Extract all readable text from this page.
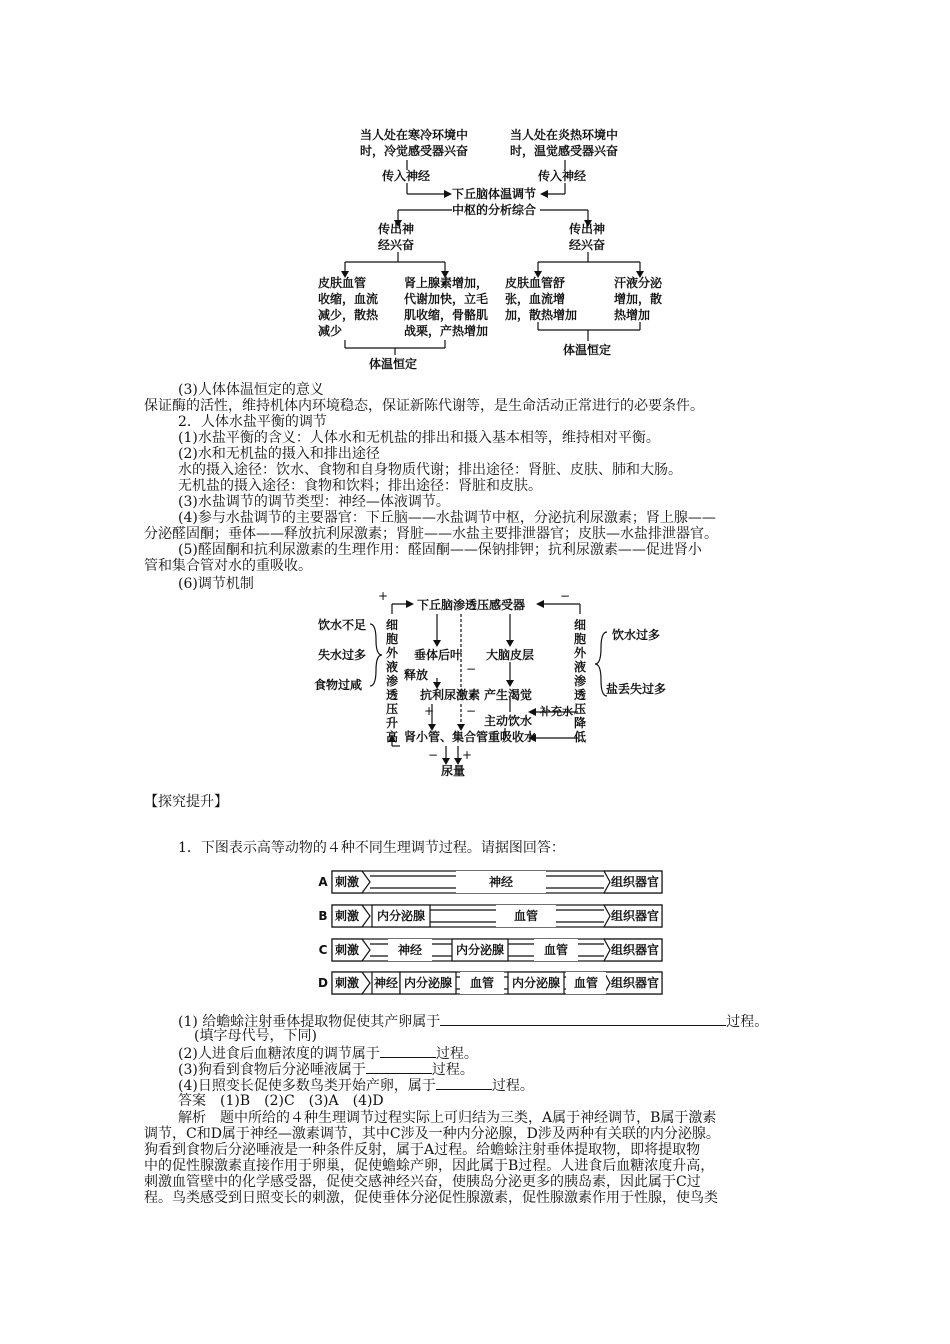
当人处在寒冷环境中
时，冷觉感受器兴奋
当人处在炎热环境中
时，温觉感受器兴奋
传入神经	传入神经
下丘脑体温调节
中枢的分析综合
传出神
经兴奋
传出神
经兴奋
皮肤血管
收缩，血流
减少，散热
减少
肾上腺素增加，
代谢加快，立毛
肌收缩，骨骼肌
战栗，产热增加
皮肤血管舒
张，血流增
加，散热增加
汗液分泌
增加，散
热增加
体温恒定
体温恒定
(3)人体体温恒定的意义
保证酶的活性，维持机体内环境稳态，保证新陈代谢等，是生命活动正常进行的必要条件。
2．人体水盐平衡的调节
(1)水盐平衡的含义：人体水和无机盐的排出和摄入基本相等，维持相对平衡。
(2)水和无机盐的摄入和排出途径
水的摄入途径：饮水、食物和自身物质代谢；排出途径：肾脏、皮肤、肺和大肠。
无机盐的摄入途径：食物和饮料；排出途径：肾脏和皮肤。
(3)水盐调节的调节类型：神经—体液调节。
(4)参与水盐调节的主要器官：下丘脑——水盐调节中枢，分泌抗利尿激素；肾上腺——
分泌醛固酮；垂体——释放抗利尿激素；肾脏——水盐主要排泄器官；皮肤—水盐排泄器官。
(5)醛固酮和抗利尿激素的生理作用：醛固酮——保钠排钾；抗利尿激素——促进肾小
管和集合管对水的重吸收。
(6)调节机制
下丘脑渗透压感受器
+	−
饮水不足
失水过多
食物过咸
细胞外液渗透压升高
细胞外液渗透压降低
饮水过多
盐丢失过多
垂体后叶
释放
大脑皮层
抗利尿激素 产生渴觉
主动饮水
补充水
肾小管、集合管重吸收水
尿量
−
+	−
− +
【探究提升】
1．下图表示高等动物的４种不同生理调节过程。请据图回答：
A 刺激	神经	组织器官
B 刺激	内分泌腺	血管	组织器官
C 刺激	神经	内分泌腺	血管	组织器官
D 刺激 神经 内分泌腺	血管	内分泌腺	血管	组织器官
(1) 给蟾蜍注射垂体提取物促使其产卵属于	过程。
(填字母代号，下同)
(2)人进食后血糖浓度的调节属于	过程。
(3)狗看到食物后分泌唾液属于	过程。
(4)日照变长促使多数鸟类开始产卵，属于	过程。
答案　(1)B　(2)C　(3)A　(4)D
解析　题中所给的４种生理调节过程实际上可归结为三类，A属于神经调节，B属于激素
调节，C和D属于神经—激素调节，其中C涉及一种内分泌腺，D涉及两种有关联的内分泌腺。
狗看到食物后分泌唾液是一种条件反射，属于A过程。给蟾蜍注射垂体提取物，即将提取物
中的促性腺激素直接作用于卵巢，促使蟾蜍产卵，因此属于B过程。人进食后血糖浓度升高，
刺激血管壁中的化学感受器，促使交感神经兴奋，使胰岛分泌更多的胰岛素，因此属于C过
程。鸟类感受到日照变长的刺激，促使垂体分泌促性腺激素，促性腺激素作用于性腺，使鸟类
